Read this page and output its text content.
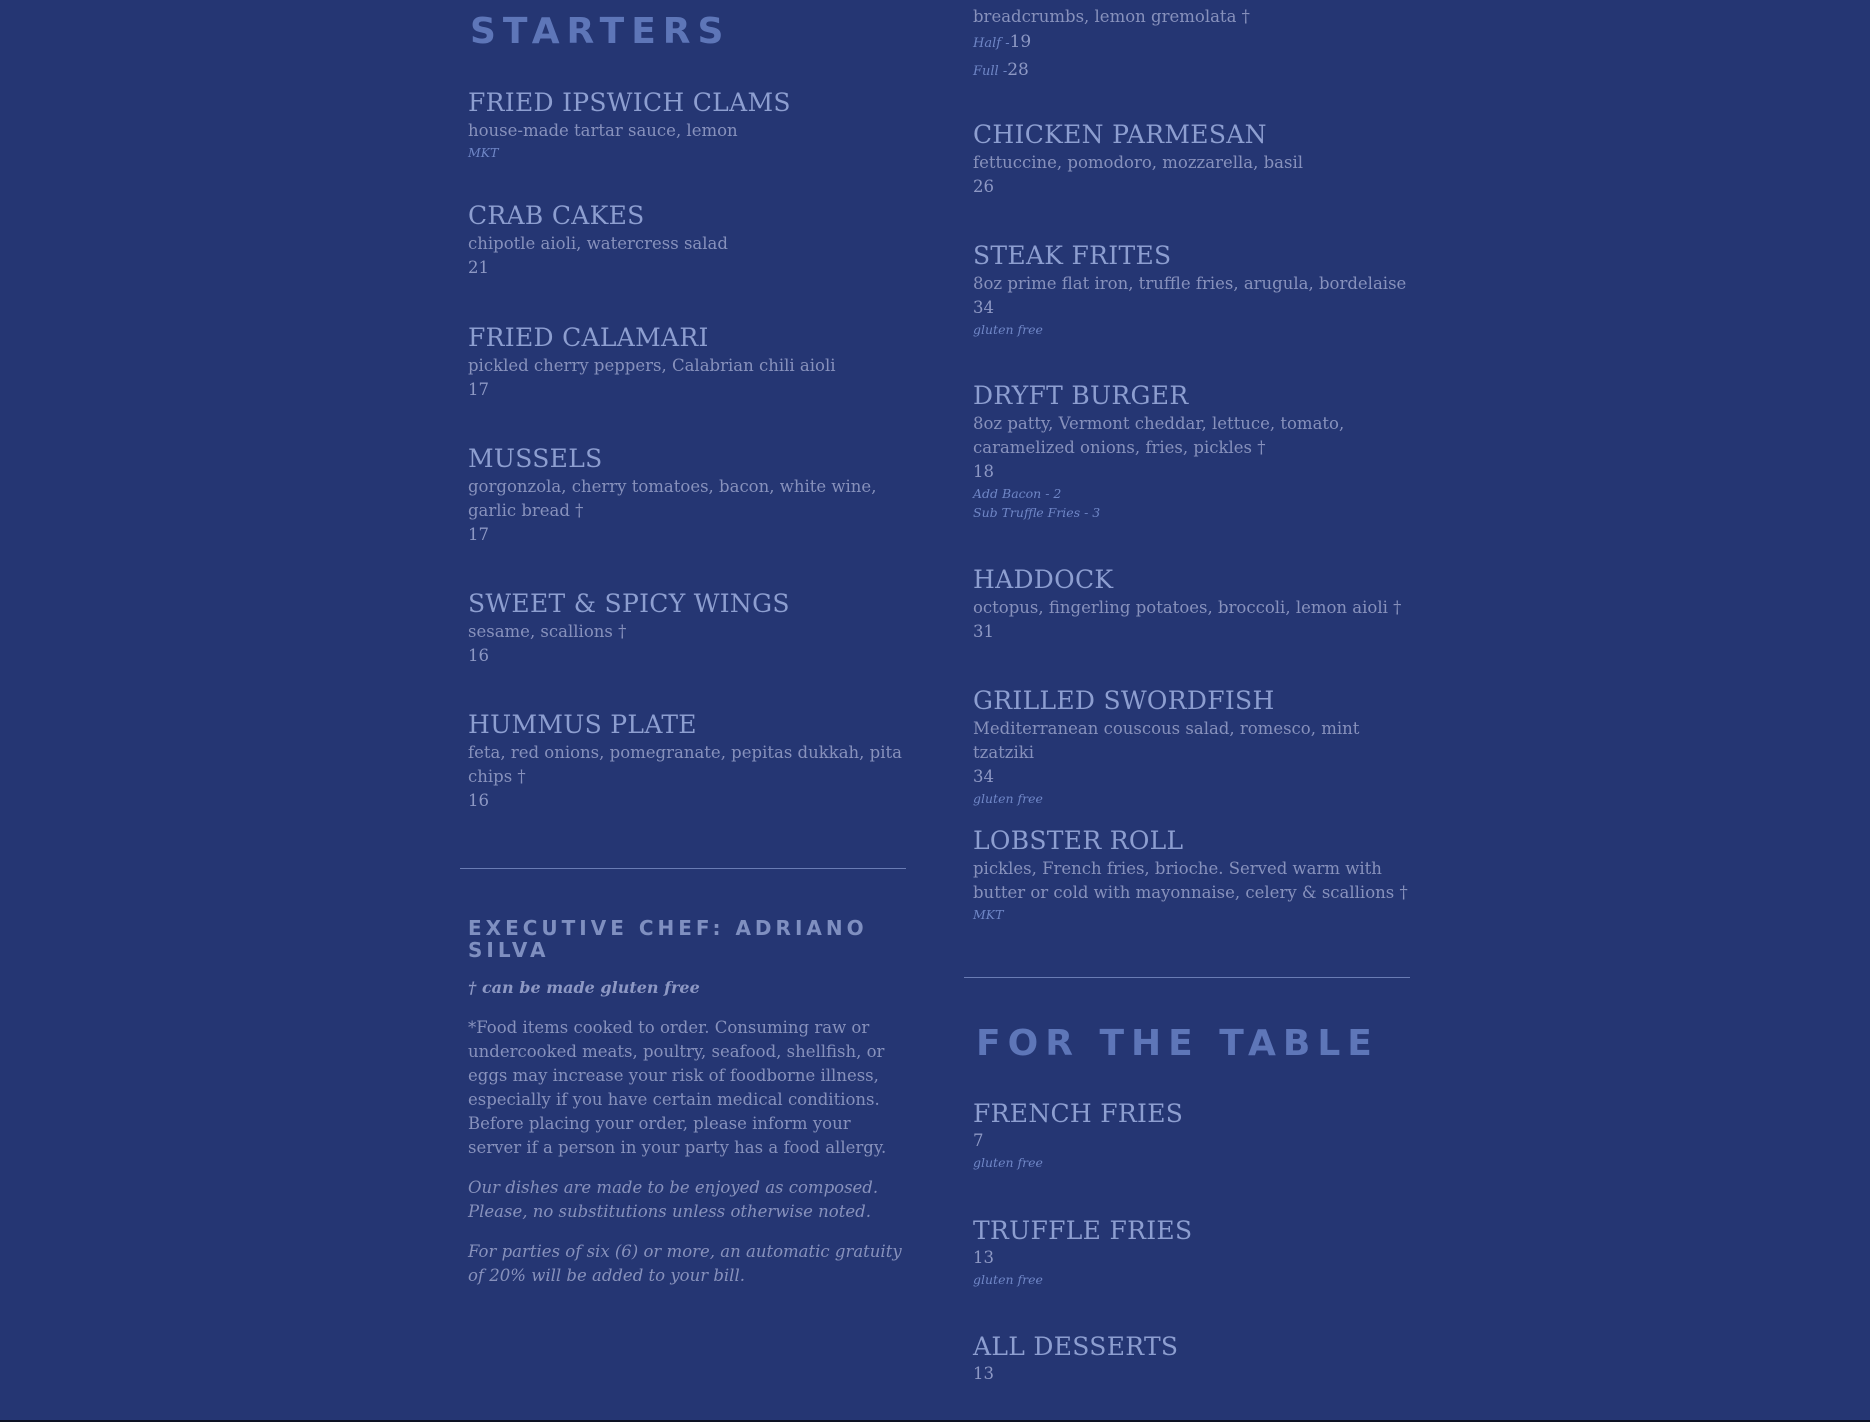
STARTERS
FRIED IPSWICH CLAMS
house-made tartar sauce, lemon
MKT
CRAB CAKES
chipotle aioli, watercress salad
21
FRIED CALAMARI
pickled cherry peppers, Calabrian chili aioli
17
MUSSELS
gorgonzola, cherry tomatoes, bacon, white wine, garlic bread †
17
SWEET & SPICY WINGS
sesame, scallions †
16
HUMMUS PLATE
feta, red onions, pomegranate, pepitas dukkah, pita chips †
16
EXECUTIVE CHEF: ADRIANO SILVA
† can be made gluten free
*Food items cooked to order. Consuming raw or undercooked meats, poultry, seafood, shellfish, or eggs may increase your risk of foodborne illness, especially if you have certain medical conditions. Before placing your order, please inform your server if a person in your party has a food allergy.
Our dishes are made to be enjoyed as composed. Please, no substitutions unless otherwise noted.
For parties of six (6) or more, an automatic gratuity of 20% will be added to your bill.
breadcrumbs, lemon gremolata †
Half -19
Full -28
CHICKEN PARMESAN
fettuccine, pomodoro, mozzarella, basil
26
STEAK FRITES
8oz prime flat iron, truffle fries, arugula, bordelaise
34
gluten free
DRYFT BURGER
8oz patty, Vermont cheddar, lettuce, tomato, caramelized onions, fries, pickles †
18
Add Bacon - 2
Sub Truffle Fries - 3
HADDOCK
octopus, fingerling potatoes, broccoli, lemon aioli †
31
GRILLED SWORDFISH
Mediterranean couscous salad, romesco, mint tzatziki
34
gluten free
LOBSTER ROLL
pickles, French fries, brioche. Served warm with butter or cold with mayonnaise, celery & scallions †
MKT
FOR THE TABLE
FRENCH FRIES
7
gluten free
TRUFFLE FRIES
13
gluten free
ALL DESSERTS
13
